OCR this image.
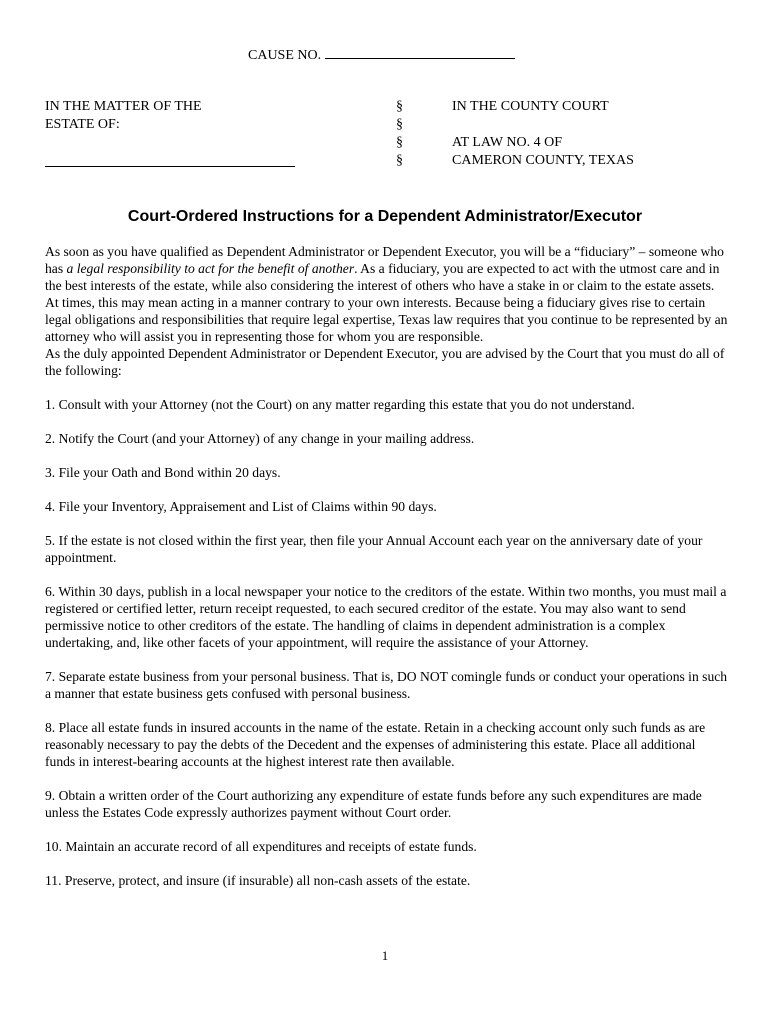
CAUSE NO.
IN THE MATTER OF THE
ESTATE OF:
§
§
§
§
IN THE COUNTY COURT
AT LAW NO. 4 OF
CAMERON COUNTY, TEXAS
Court-Ordered Instructions for a Dependent Administrator/Executor

As soon as you have qualified as Dependent Administrator or Dependent Executor, you will be a “fiduciary” – someone who has a legal responsibility to act for the benefit of another. As a fiduciary, you are expected to act with the utmost care and in the best interests of the estate, while also considering the interest of others who have a stake in or claim to the estate assets. At times, this may mean acting in a manner contrary to your own interests. Because being a fiduciary gives rise to certain legal obligations and responsibilities that require legal expertise, Texas law requires that you continue to be represented by an attorney who will assist you in representing those for whom you are responsible.

As the duly appointed Dependent Administrator or Dependent Executor, you are advised by the Court that you must do all of the following:

1. Consult with your Attorney (not the Court) on any matter regarding this estate that you do not understand.

2. Notify the Court (and your Attorney) of any change in your mailing address.

3. File your Oath and Bond within 20 days.

4. File your Inventory, Appraisement and List of Claims within 90 days.

5. If the estate is not closed within the first year, then file your Annual Account each year on the anniversary date of your appointment.

6. Within 30 days, publish in a local newspaper your notice to the creditors of the estate. Within two months, you must mail a registered or certified letter, return receipt requested, to each secured creditor of the estate. You may also want to send permissive notice to other creditors of the estate. The handling of claims in dependent administration is a complex undertaking, and, like other facets of your appointment, will require the assistance of your Attorney.

7. Separate estate business from your personal business. That is, DO NOT comingle funds or conduct your operations in such a manner that estate business gets confused with personal business.

8. Place all estate funds in insured accounts in the name of the estate. Retain in a checking account only such funds as are reasonably necessary to pay the debts of the Decedent and the expenses of administering this estate. Place all additional funds in interest-bearing accounts at the highest interest rate then available.

9. Obtain a written order of the Court authorizing any expenditure of estate funds before any such expenditures are made unless the Estates Code expressly authorizes payment without Court order.

10. Maintain an accurate record of all expenditures and receipts of estate funds.

11. Preserve, protect, and insure (if insurable) all non-cash assets of the estate.

1
